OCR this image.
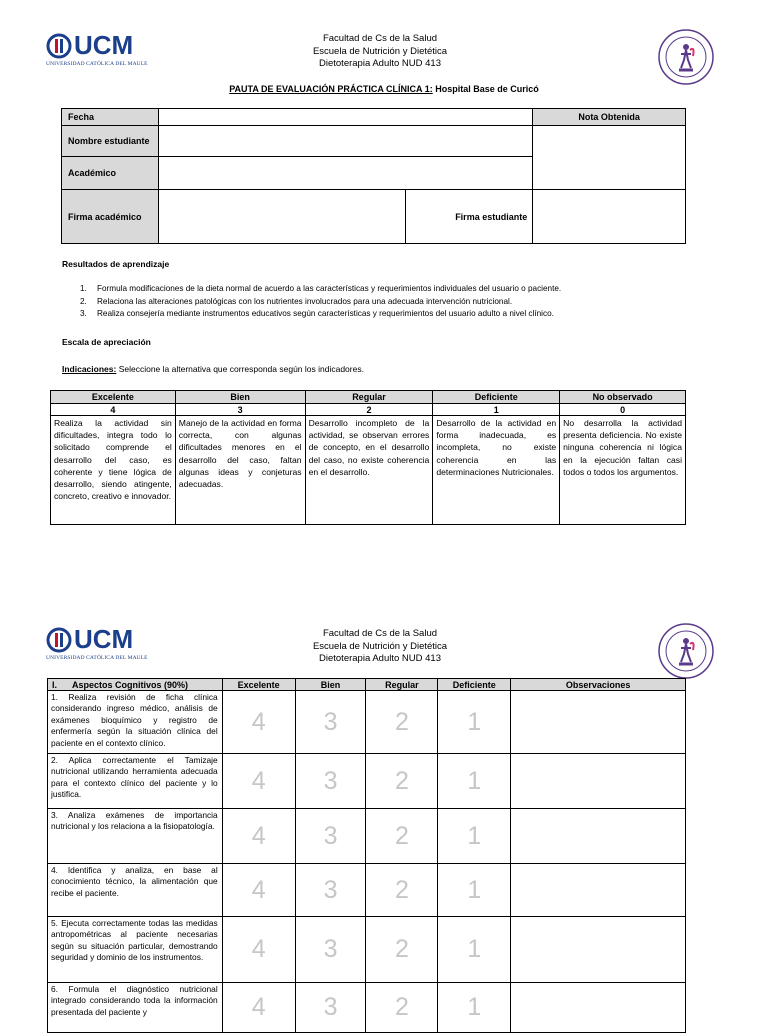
UCM
UNIVERSIDAD CATÓLICA DEL MAULE
Facultad de Cs de la Salud
Escuela de Nutrición y Dietética
Dietoterapia Adulto NUD 413
PAUTA DE EVALUACIÓN PRÁCTICA CLÍNICA 1: Hospital Base de Curicó
Fecha			Nota Obtenida
Nombre estudiante			
Académico			
Firma académico		Firma estudiante	
Resultados de aprendizaje
1. Formula modificaciones de la dieta normal de acuerdo a las características y requerimientos individuales del usuario o paciente.
2. Relaciona las alteraciones patológicas con los nutrientes involucrados para una adecuada intervención nutricional.
3. Realiza consejería mediante instrumentos educativos según características y requerimientos del usuario adulto a nivel clínico.
Escala de apreciación
Indicaciones: Seleccione la alternativa que corresponda según los indicadores.
Excelente	Bien	Regular	Deficiente	No observado
4	3	2	1	0
Realiza la actividad sin dificultades, integra todo lo solicitado comprende el desarrollo del caso, es coherente y tiene lógica de desarrollo, siendo atingente, concreto, creativo e innovador.	Manejo de la actividad en forma correcta, con algunas dificultades menores en el desarrollo del caso, faltan algunas ideas y conjeturas adecuadas.	Desarrollo incompleto de la actividad, se observan errores de concepto, en el desarrollo del caso, no existe coherencia en el desarrollo.	Desarrollo de la actividad en forma inadecuada, es incompleta, no existe coherencia en las determinaciones Nutricionales.	No desarrolla la actividad presenta deficiencia. No existe ninguna coherencia ni lógica en la ejecución faltan casi todos o todos los argumentos.
UCM
UNIVERSIDAD CATÓLICA DEL MAULE
Facultad de Cs de la Salud
Escuela de Nutrición y Dietética
Dietoterapia Adulto NUD 413
I. Aspectos Cognitivos (90%)	Excelente	Bien	Regular	Deficiente	Observaciones
1. Realiza revisión de ficha clínica considerando ingreso médico, análisis de exámenes bioquímico y registro de enfermería según la situación clínica del paciente en el contexto clínico.	4	3	2	1	
2. Aplica correctamente el Tamizaje nutricional utilizando herramienta adecuada para el contexto clínico del paciente y lo justifica.	4	3	2	1	
3. Analiza exámenes de importancia nutricional y los relaciona a la fisiopatología.	4	3	2	1	
4. Identifica y analiza, en base al conocimiento técnico, la alimentación que recibe el paciente.	4	3	2	1	
5. Ejecuta correctamente todas las medidas antropométricas al paciente necesarias según su situación particular, demostrando seguridad y dominio de los instrumentos.	4	3	2	1	
6. Formula el diagnóstico nutricional integrado considerando toda la información presentada del paciente y	4	3	2	1	
